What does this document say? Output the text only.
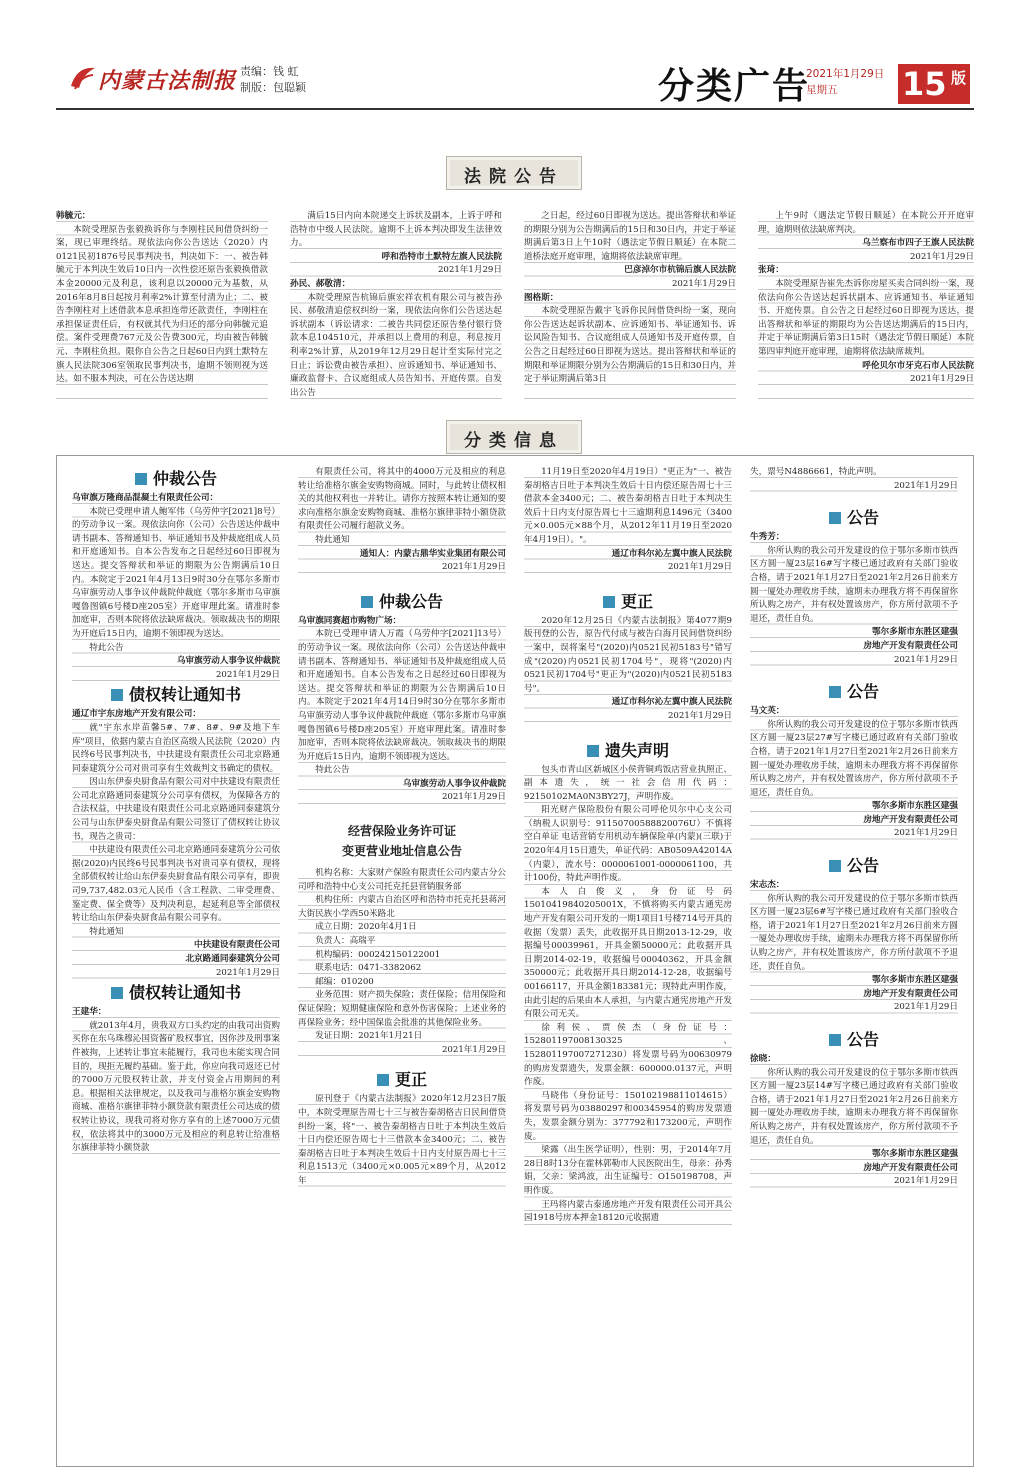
内蒙古法制报 责编：钱 虹
制版：包聪颖	分类广告
2021年1月29日
星期五	15 版
法院公告

韩毓元：

本院受理原告张毅换诉你与李刚柱民间借贷纠纷一案，现已审理终结。现依法向你公告送达（2020）内0121民初1876号民事判决书，判决如下：一、被告韩毓元于本判决生效后10日内一次性偿还原告张毅换借款本金20000元及利息，该利息以20000元为基数，从2016年8月8日起按月利率2%计算至付清为止；二、被告李刚柱对上述借款本息承担连带还款责任，李刚柱在承担保证责任后，有权就其代为归还的部分向韩毓元追偿。案件受理费767元及公告费300元，均由被告韩毓元、李刚柱负担。限你自公告之日起60日内到土默特左旗人民法院306室领取民事判决书，逾期不领则视为送达。如不服本判决，可在公告送达期

满后15日内向本院递交上诉状及副本，上诉于呼和浩特市中级人民法院。逾期不上诉本判决即发生法律效力。

呼和浩特市土默特左旗人民法院

2021年1月29日

孙民、郝敬清：

本院受理原告杭锦后旗宏祥农机有限公司与被告孙民、郝敬清追偿权纠纷一案，现依法向你们公告送达起诉状副本（诉讼请求：二被告共同偿还原告垫付银行贷款本息104510元，并承担以上费用的利息，利息按月利率2%计算，从2019年12月29日起计至实际付完之日止；诉讼费由被告承担）、应诉通知书、举证通知书、廉政监督卡、合议庭组成人员告知书、开庭传票。自发出公告

之日起，经过60日即视为送达。提出答辩状和举证的期限分别为公告期满后的15日和30日内，并定于举证期满后第3日上午10时（遇法定节假日顺延）在本院二道桥法庭开庭审理，逾期将依法缺席审理。

巴彦淖尔市杭锦后旗人民法院

2021年1月29日

图格斯：

本院受理原告戴宇飞诉你民间借贷纠纷一案，现向你公告送达起诉状副本、应诉通知书、举证通知书、诉讼风险告知书、合议庭组成人员通知书及开庭传票，自公告之日起经过60日即视为送达。提出答辩状和举证的期限和举证期限分别为公告期满后的15日和30日内，并定于举证期满后第3日

上午9时（遇法定节假日顺延）在本院公开开庭审理，逾期则依法缺席判决。

乌兰察布市四子王旗人民法院

2021年1月29日

张琦：

本院受理原告崔先杰诉你房屋买卖合同纠纷一案，现依法向你公告送达起诉状副本、应诉通知书、举证通知书、开庭传票。自公告之日起经过60日即视为送达，提出答辩状和举证的期限均为公告送达期满后的15日内，并定于举证期满后第3日15时（遇法定节假日顺延）本院第四审判庭开庭审理，逾期将依法缺席裁判。

呼伦贝尔市牙克石市人民法院

2021年1月29日

分类信息
仲裁公告

乌审旗万隆商品混凝土有限责任公司：

本院已受理申请人鲍军伟（乌劳仲字[2021]8号）的劳动争议一案。现依法向你（公司）公告送达仲裁申请书副本、答辩通知书、举证通知书及仲裁庭组成人员和开庭通知书。自本公告发布之日起经过60日即视为送达。提交答辩状和举证的期限为公告期满后10日内。本院定于2021年4月13日9时30分在鄂尔多斯市乌审旗劳动人事争议仲裁院仲裁庭（鄂尔多斯市乌审旗嘎鲁图镇6号楼D座205室）开庭审理此案。请准时参加庭审，否则本院将依法缺席裁决。领取裁决书的期限为开庭后15日内，逾期不领即视为送达。

特此公告

乌审旗劳动人事争议仲裁院

2021年1月29日

债权转让通知书

通辽市宇东房地产开发有限公司：

就"宇东水岸苗馨5#、7#、8#、9#及地下车库"项目，依据内蒙古自治区高级人民法院（2020）内民终6号民事判决书，中扶建设有限责任公司北京路通同泰建筑分公司对贵司享有生效裁判文书确定的债权。

因山东伊泰央厨食品有限公司对中扶建设有限责任公司北京路通同泰建筑分公司享有债权，为保障各方的合法权益，中扶建设有限责任公司北京路通同泰建筑分公司与山东伊泰央厨食品有限公司签订了债权转让协议书，现告之贵司：

中扶建设有限责任公司北京路通同泰建筑分公司依据(2020)内民终6号民事判决书对贵司享有债权，现将全部债权转让给山东伊泰央厨食品有限公司享有，即贵司9,737,482.03元人民币（含工程款、二审受理费、鉴定费、保全费等）及判决利息，起延利息等全部债权转让给山东伊泰央厨食品有限公司享有。

特此通知

中扶建设有限责任公司

北京路通同泰建筑分公司

2021年1月29日

债权转让通知书

王建华：

就2013年4月，贵我双方口头约定的由我司出资购买你在东乌珠穆沁国资酱矿股权事宜，因你涉及刑事案件被拘，上述转让事宜未能履行，我司也未能实现合同目的，现拒无履约基础。鉴于此，你应向我司返还已付的7000万元股权转让款，并支付资金占用期间的利息。根据相关法律规定，以及我司与准格尔旗金安购物商城、准格尔旗律菲特小额贷款有限责任公司达成的债权转让协议，现我司将对你方享有的上述7000万元债权，依法将其中的3000万元及相应的利息转让给准格尔旗律菲特小额贷款

有限责任公司，将其中的4000万元及相应的利息转让给准格尔旗金安购物商城。同时，与此转让债权相关的其他权利也一并转让。请你方按照本转让通知的要求向准格尔旗金安购物商城、准格尔旗律菲特小额贷款有限责任公司履行超款义务。

特此通知

通知人：内蒙古鼎华实业集团有限公司

2021年1月29日

仲裁公告

乌审旗同赛超市购物广场：

本院已受理申请人万霞（乌劳仲字[2021]13号）的劳动争议一案。现依法向你（公司）公告送达仲裁申请书副本、答辩通知书、举证通知书及仲裁庭组成人员和开庭通知书。自本公告发布之日起经过60日即视为送达。提交答辩状和举证的期限为公告期满后10日内。本院定于2021年4月14日9时30分在鄂尔多斯市乌审旗劳动人事争议仲裁院仲裁庭（鄂尔多斯市乌审旗嘎鲁图镇6号楼D座205室）开庭审理此案。请准时参加庭审，否则本院将依法缺席裁决。领取裁决书的期限为开庭后15日内，逾期不领即视为送达。

特此公告

乌审旗劳动人事争议仲裁院

2021年1月29日

经营保险业务许可证
变更营业地址信息公告

机构名称：大家财产保险有限责任公司内蒙古分公司呼和浩特中心支公司托克托县营销服务部

机构住所：内蒙古自治区呼和浩特市托克托县蒋河大街民族小学西50米路北

成立日期：2020年4月1日

负责人：高瑞平

机构编码：000242150122001

联系电话：0471-3382062

邮编：010200

业务范围：财产损失保险；责任保险；信用保险和保证保险；短期健康保险和意外伤害保险；上述业务的再保险业务；经中国保监会批准的其他保险业务。

发证日期：2021年1月21日

2021年1月29日

更正

原刊登于《内蒙古法制报》2020年12月23日7版中，本院受理原告周七十三与被告秦胡格吉日民间借贷纠纷一案，将"一、被告秦胡格吉日吐于本判决生效后十日内偿还原告周七十三借款本金3400元；二、被告秦胡格吉日吐于本判决生效后十日内支付原告周七十三利息1513元（3400元×0.005元×89个月，从2012年

11月19日至2020年4月19日）"更正为"一、被告秦胡格吉日吐于本判决生效后十日内偿还原告周七十三借款本金3400元；二、被告秦胡格吉日吐于本判决生效后十日内支付原告周七十三逾期利息1496元（3400元×0.005元×88个月，从2012年11月19日至2020年4月19日）。"。

通辽市科尔沁左翼中旗人民法院

2021年1月29日

更正

2020年12月25日《内蒙古法制报》第4077期9版刊登的公告，原告代付成与被告白海月民间借贷纠纷一案中，误将案号"(2020)内0521民初5183号"错写成"(2020)内0521民初1704号"，现将"(2020)内0521民初1704号"更正为"(2020)内0521民初5183号"。

通辽市科尔沁左翼中旗人民法院

2021年1月29日

遗失声明

包头市青山区新城区小侯背铜鸡饭店营业执照正、副本遗失，统一社会信用代码：92150102MA0N3BY27J，声明作废。

阳光财产保险股份有限公司呼伦贝尔中心支公司（纳税人识别号：91150700588820076U）不慎将空白单证 电话营销专用机动车辆保险单(内蒙)(三联)于2020年4月15日遗失，单证代码：AB0509A42014A（内蒙），流水号：0000061001-0000061100，共计100份，特此声明作废。

本人白俊义，身份证号码15010419840205001X，不慎将购买内蒙古通宪房地产开发有限公司开发的一期1项目1号楼714号开具的收据（发票）丢失，此收据开具日期2013-12-29，收据编号00039961，开具金额50000元；此收据开具日期2014-02-19，收据编号00040362，开具金额350000元；此收据开具日期2014-12-28，收据编号00166117，开具金额183381元；现特此声明作废，由此引起的后果由本人承担，与内蒙古通宪房地产开发有限公司无关。

徐利侯、贾侯杰（身份证号：152801197008130325、152801197007271230）将发票号码为00630979的购房发票遗失，发票金额：600000.0137元，声明作废。

马晓伟（身份证号：150102198811014615）将发票号码为03880297和00345954的购房发票遗失，发票金额分别为：377792和173200元，声明作废。

梁露（出生医学证明），性别：男，于2014年7月28日8时13分在霍林郭勒市人民医院出生，母亲：孙秀娟，父亲：梁鸿波，出生证编号：O150198708，声明作废。

王玛将内蒙古泰通房地产开发有限责任公司开具公园1918号房本押金18120元收据遗

失，票号N4886661，特此声明。

2021年1月29日

公告

牛秀芳：

你所认购的我公司开发建设的位于鄂尔多斯市铁西区方圆一厦23层16#写字楼已通过政府有关部门验收合格，请于2021年1月27日至2021年2月26日前来方圆一厦处办理收房手续，逾期未办理我方将不再保留你所认购之房产，并有权处置该房产，你方所付款项不予退还，责任自负。

鄂尔多斯市东胜区建强

房地产开发有限责任公司

2021年1月29日

公告

马文英：

你所认购的我公司开发建设的位于鄂尔多斯市铁西区方圆一厦23层27#写字楼已通过政府有关部门验收合格，请于2021年1月27日至2021年2月26日前来方圆一厦处办理收房手续，逾期未办理我方将不再保留你所认购之房产，并有权处置该房产，你方所付款项不予退还，责任自负。

鄂尔多斯市东胜区建强

房地产开发有限责任公司

2021年1月29日

公告

宋志杰：

你所认购的我公司开发建设的位于鄂尔多斯市铁西区方圆一厦23层6#写字楼已通过政府有关部门验收合格，请于2021年1月27日至2021年2月26日前来方圆一厦处办理收房手续，逾期未办理我方将不再保留你所认购之房产，并有权处置该房产，你方所付款项不予退还，责任自负。

鄂尔多斯市东胜区建强

房地产开发有限责任公司

2021年1月29日

公告

徐晓：

你所认购的我公司开发建设的位于鄂尔多斯市铁西区方圆一厦23层14#写字楼已通过政府有关部门验收合格，请于2021年1月27日至2021年2月26日前来方圆一厦处办理收房手续，逾期未办理我方将不再保留你所认购之房产，并有权处置该房产，你方所付款项不予退还，责任自负。

鄂尔多斯市东胜区建强

房地产开发有限责任公司

2021年1月29日
